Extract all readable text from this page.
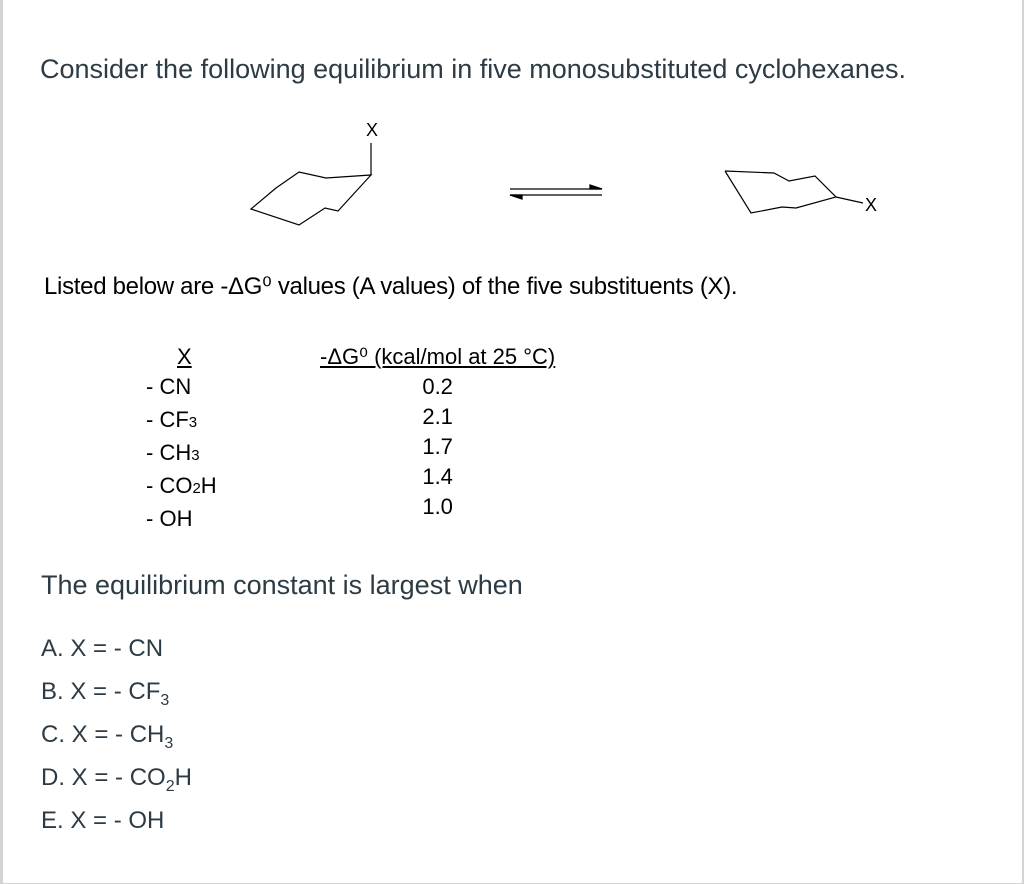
Consider the following equilibrium in five monosubstituted cyclohexanes.
X
X
Listed below are -ΔG⁰ values (A values) of the five substituents (X).
X
- CN
- CF3
- CH3
- CO2H
- OH
-ΔG⁰ (kcal/mol at 25 °C)
0.2
2.1
1.7
1.4
1.0
The equilibrium constant is largest when
A. X = - CN
B. X = - $CF_3$
C. X = - $CH_3$
D. X = - $CO_2H$
E. X = - OH
